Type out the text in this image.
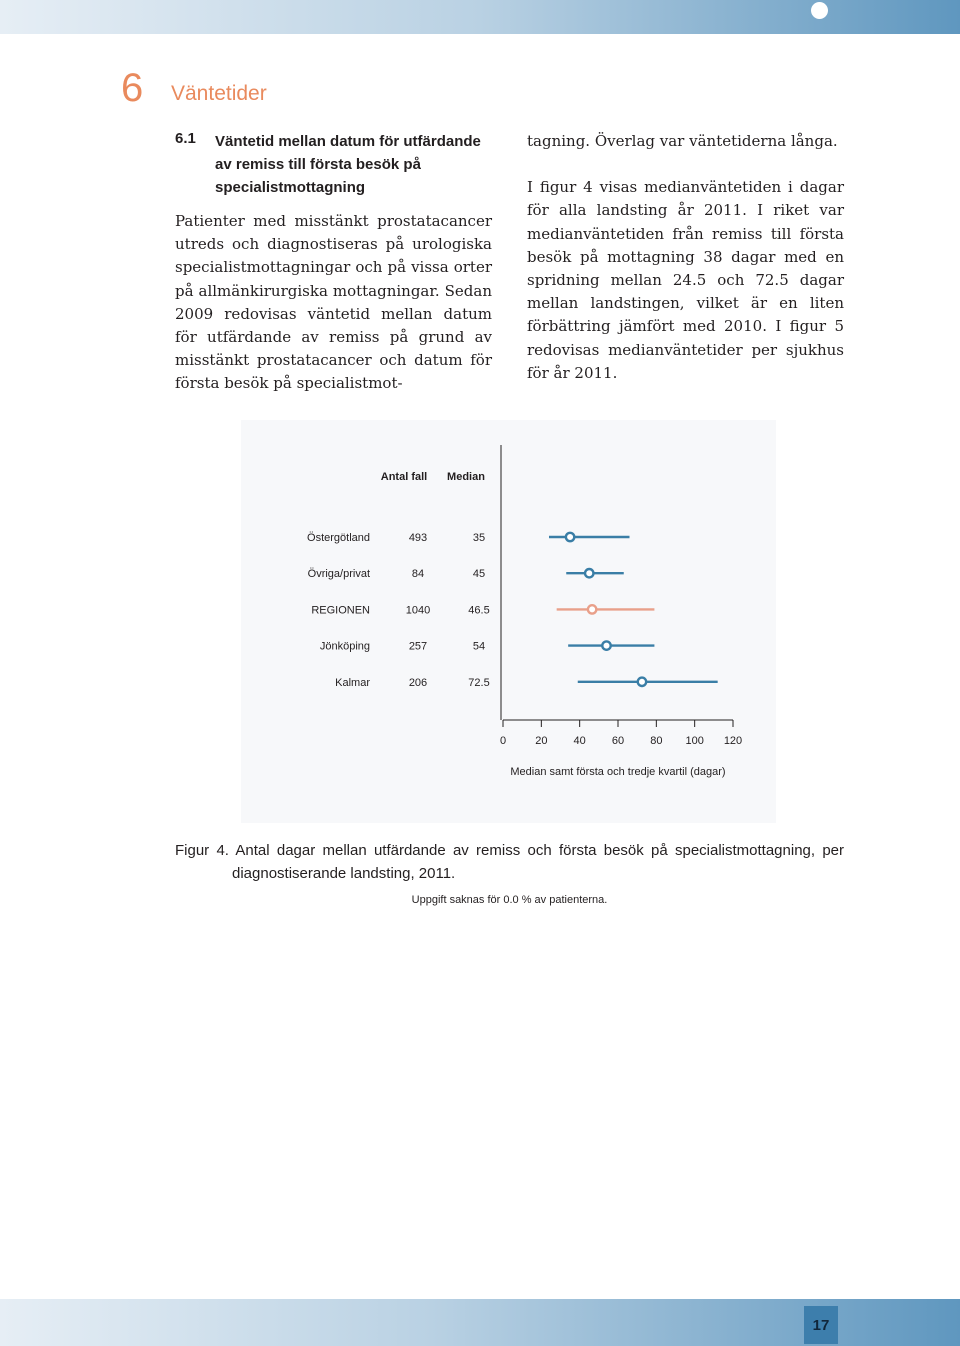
6 Väntetider
6.1 Väntetid mellan datum för utfärdande av remiss till första besök på specialistmottagning

Patienter med misstänkt prostatacancer utreds och diagnostiseras på urologiska specialistmottagningar och på vissa orter på allmänkirurgiska mottagningar. Sedan 2009 redovisas väntetid mellan datum för utfärdande av remiss på grund av misstänkt prostatacancer och datum för första besök på specialistmot-

tagning. Överlag var väntetiderna långa.

I figur 4 visas medianväntetiden i dagar för alla landsting år 2011. I riket var medianväntetiden från remiss till första besök på mottagning 38 dagar med en spridning mellan 24.5 och 72.5 dagar mellan landstingen, vilket är en liten förbättring jämfört med 2010. I figur 5 redovisas medianväntetider per sjukhus för år 2011.

Antal fall Median
Östergötland	493	35
Övriga/privat	84	45
REGIONEN	1040	46.5
Jönköping	257	54
Kalmar	206	72.5
0	20 40 60 80 100 120
Median samt första och tredje kvartil (dagar)
Figur 4. Antal dagar mellan utfärdande av remiss och första besök på specialistmottagning, per diagnostiserande landsting, 2011.
Uppgift saknas för 0.0 % av patienterna.
17
